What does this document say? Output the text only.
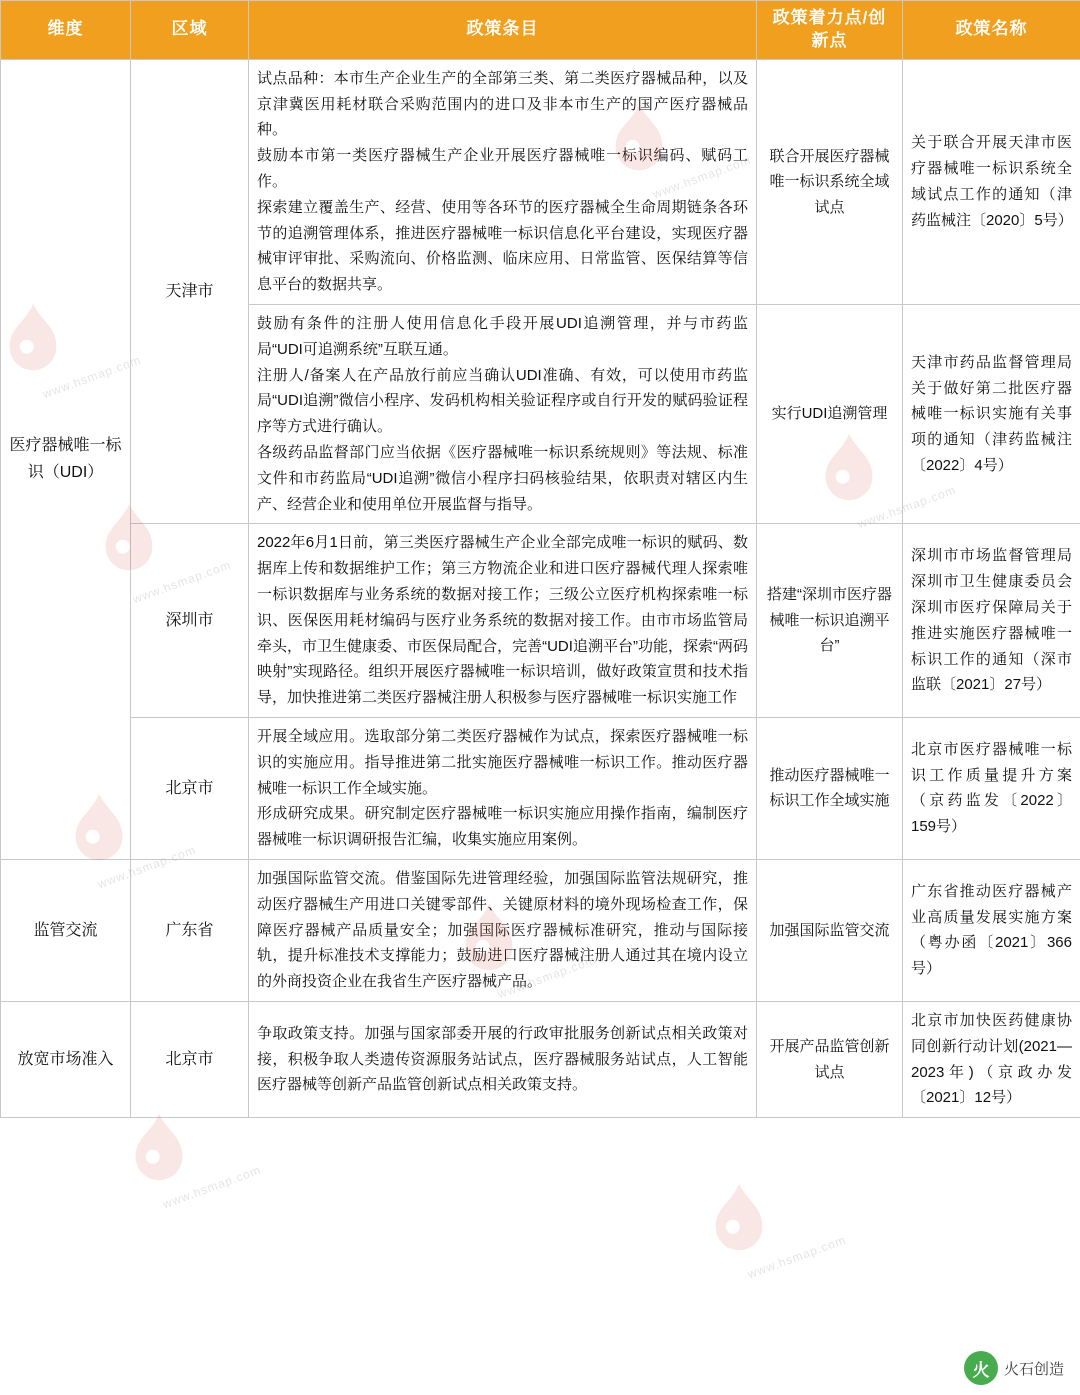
www.hsmap.com
www.hsmap.com
www.hsmap.com
www.hsmap.com
www.hsmap.com
www.hsmap.com
www.hsmap.com
www.hsmap.com
维度	区域	政策条目	政策着力点/创新点	政策名称
医疗器械唯一标识（UDI）	天津市	试点品种：本市生产企业生产的全部第三类、第二类医疗器械品种，以及京津冀医用耗材联合采购范围内的进口及非本市生产的国产医疗器械品种。

鼓励本市第一类医疗器械生产企业开展医疗器械唯一标识编码、赋码工作。

探索建立覆盖生产、经营、使用等各环节的医疗器械全生命周期链条各环节的追溯管理体系，推进医疗器械唯一标识信息化平台建设，实现医疗器械审评审批、采购流向、价格监测、临床应用、日常监管、医保结算等信息平台的数据共享。	联合开展医疗器械唯一标识系统全域试点	关于联合开展天津市医疗器械唯一标识系统全域试点工作的通知（津药监械注〔2020〕5号）

		鼓励有条件的注册人使用信息化手段开展UDI追溯管理，并与市药监局“UDI可追溯系统”互联互通。

注册人/备案人在产品放行前应当确认UDI准确、有效，可以使用市药监局“UDI追溯”微信小程序、发码机构相关验证程序或自行开发的赋码验证程序等方式进行确认。

各级药品监督部门应当依据《医疗器械唯一标识系统规则》等法规、标准文件和市药监局“UDI追溯”微信小程序扫码核验结果，依职责对辖区内生产、经营企业和使用单位开展监督与指导。	实行UDI追溯管理	天津市药品监督管理局关于做好第二批医疗器械唯一标识实施有关事项的通知（津药监械注〔2022〕4号）
	深圳市	2022年6月1日前，第三类医疗器械生产企业全部完成唯一标识的赋码、数据库上传和数据维护工作；第三方物流企业和进口医疗器械代理人探索唯一标识数据库与业务系统的数据对接工作；三级公立医疗机构探索唯一标识、医保医用耗材编码与医疗业务系统的数据对接工作。由市市场监管局牵头，市卫生健康委、市医保局配合，完善“UDI追溯平台”功能，探索“两码映射”实现路径。组织开展医疗器械唯一标识培训，做好政策宣贯和技术指导，加快推进第二类医疗器械注册人积极参与医疗器械唯一标识实施工作	搭建“深圳市医疗器械唯一标识追溯平台”	深圳市市场监督管理局 深圳市卫生健康委员会 深圳市医疗保障局关于推进实施医疗器械唯一标识工作的通知（深市监联〔2021〕27号）
	北京市	开展全域应用。选取部分第二类医疗器械作为试点，探索医疗器械唯一标识的实施应用。指导推进第二批实施医疗器械唯一标识工作。推动医疗器械唯一标识工作全域实施。

形成研究成果。研究制定医疗器械唯一标识实施应用操作指南，编制医疗器械唯一标识调研报告汇编，收集实施应用案例。	推动医疗器械唯一标识工作全域实施	北京市医疗器械唯一标识工作质量提升方案（京药监发〔2022〕159号）
监管交流	广东省	加强国际监管交流。借鉴国际先进管理经验，加强国际监管法规研究，推动医疗器械生产用进口关键零部件、关键原材料的境外现场检查工作，保障医疗器械产品质量安全；加强国际医疗器械标准研究，推动与国际接轨，提升标准技术支撑能力；鼓励进口医疗器械注册人通过其在境内设立的外商投资企业在我省生产医疗器械产品。	加强国际监管交流	广东省推动医疗器械产业高质量发展实施方案（粤办函〔2021〕366号）
放宽市场准入	北京市	争取政策支持。加强与国家部委开展的行政审批服务创新试点相关政策对接，积极争取人类遗传资源服务站试点，医疗器械服务站试点，人工智能医疗器械等创新产品监管创新试点相关政策支持。	开展产品监管创新试点	北京市加快医药健康协同创新行动计划(2021—2023年)（京政办发〔2021〕12号）
火 火石创造
